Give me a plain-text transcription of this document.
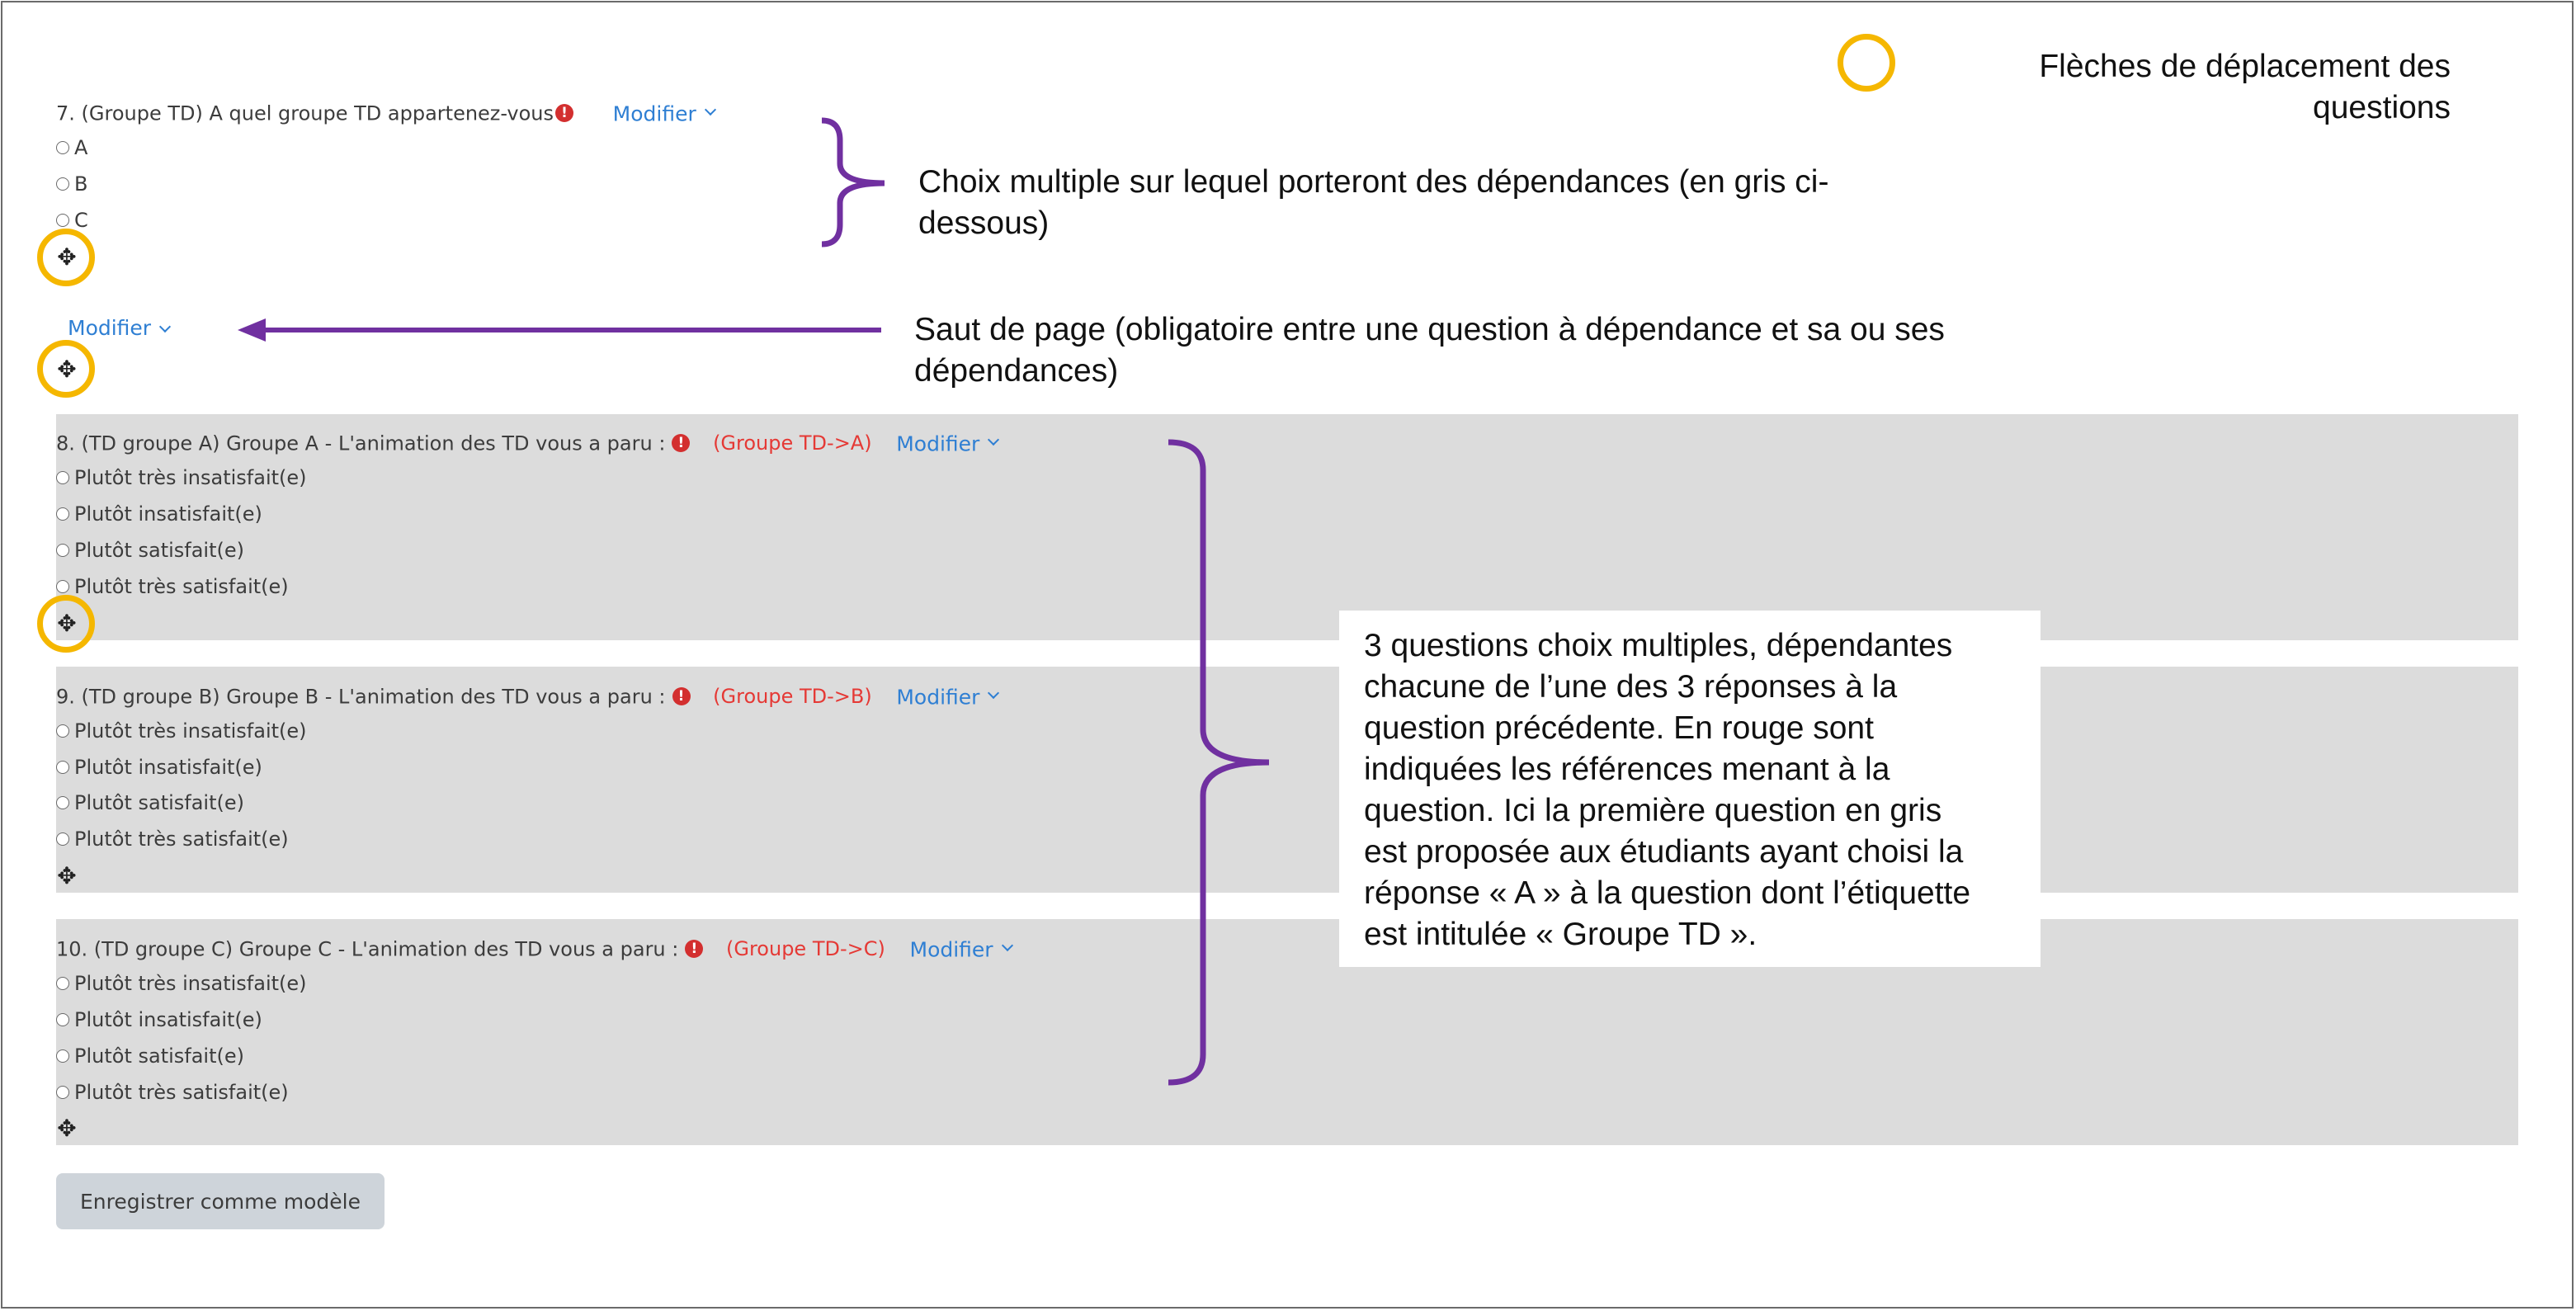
7. (Groupe TD) A quel groupe TD appartenez-vous ! Modifier
A
B
C
✥
Modifier
✥
8. (TD groupe A) Groupe A - L'animation des TD vous a paru : ! (Groupe TD->A) Modifier
Plutôt très insatisfait(e)
Plutôt insatisfait(e)
Plutôt satisfait(e)
Plutôt très satisfait(e)
✥
9. (TD groupe B) Groupe B - L'animation des TD vous a paru : ! (Groupe TD->B) Modifier
Plutôt très insatisfait(e)
Plutôt insatisfait(e)
Plutôt satisfait(e)
Plutôt très satisfait(e)
✥
10. (TD groupe C) Groupe C - L'animation des TD vous a paru : ! (Groupe TD->C) Modifier
Plutôt très insatisfait(e)
Plutôt insatisfait(e)
Plutôt satisfait(e)
Plutôt très satisfait(e)
✥
Enregistrer comme modèle
Flèches de déplacement des
questions
Choix multiple sur lequel porteront des dépendances (en gris ci-
dessous)
Saut de page (obligatoire entre une question à dépendance et sa ou ses
dépendances)

3 questions choix multiples, dépendantes

chacune de l’une des 3 réponses à la

question précédente. En rouge sont

indiquées les références menant à la

question. Ici la première question en gris

est proposée aux étudiants ayant choisi la

réponse « A » à la question dont l’étiquette

est intitulée « Groupe TD ».
